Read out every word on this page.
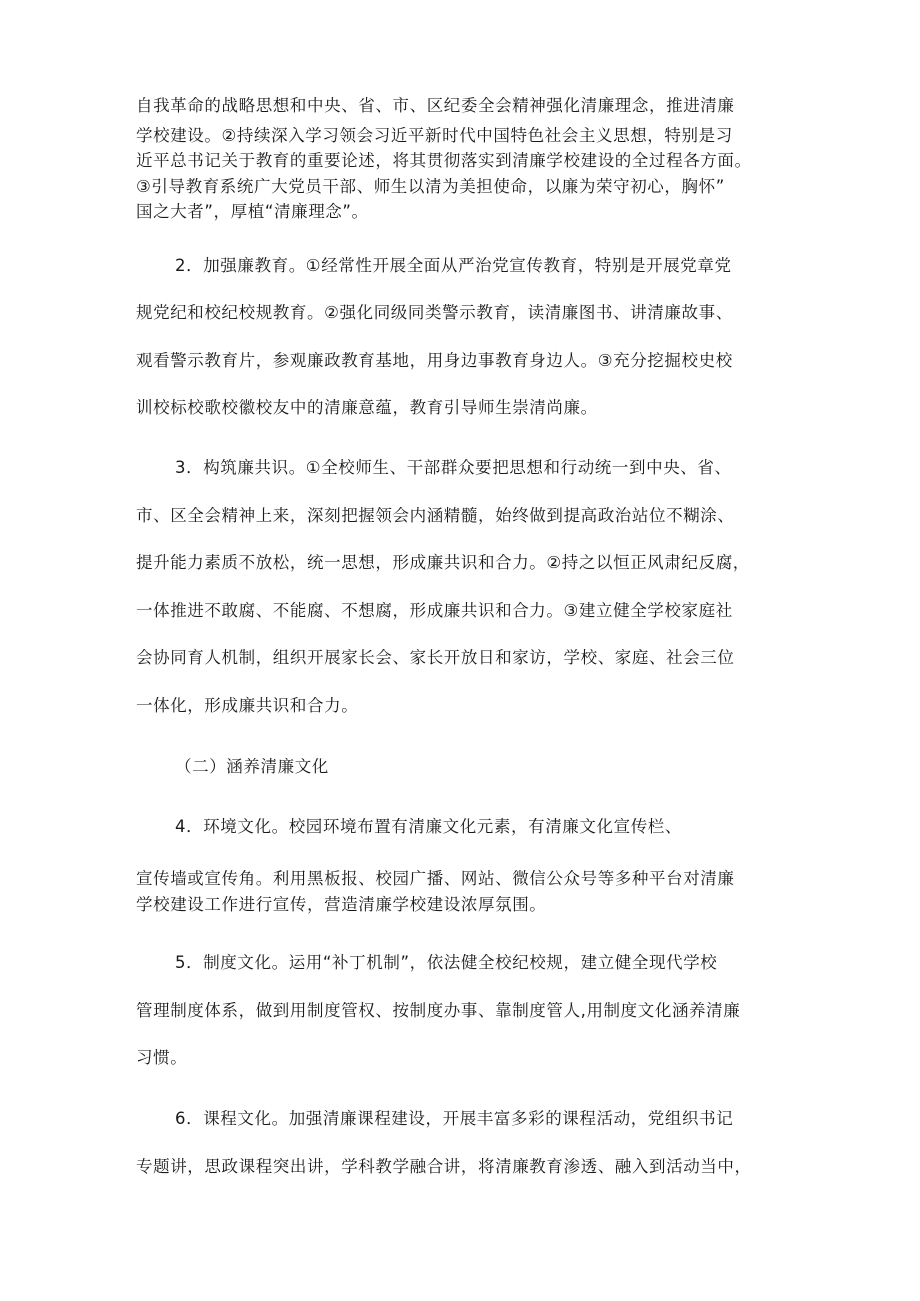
自我革命的战略思想和中央、省、市、区纪委全会精神强化清廉理念，推进清廉
学校建设。②持续深入学习领会习近平新时代中国特色社会主义思想，特别是习
近平总书记关于教育的重要论述，将其贯彻落实到清廉学校建设的全过程各方面。
③引导教育系统广大党员干部、师生以清为美担使命，以廉为荣守初心，胸怀”
国之大者”，厚植“清廉理念”。
2．加强廉教育。①经常性开展全面从严治党宣传教育，特别是开展党章党
规党纪和校纪校规教育。②强化同级同类警示教育，读清廉图书、讲清廉故事、
观看警示教育片，参观廉政教育基地，用身边事教育身边人。③充分挖掘校史校
训校标校歌校徽校友中的清廉意蕴，教育引导师生崇清尚廉。
3．构筑廉共识。①全校师生、干部群众要把思想和行动统一到中央、省、
市、区全会精神上来，深刻把握领会内涵精髓，始终做到提高政治站位不糊涂、
提升能力素质不放松，统一思想，形成廉共识和合力。②持之以恒正风肃纪反腐，
一体推进不敢腐、不能腐、不想腐，形成廉共识和合力。③建立健全学校家庭社
会协同育人机制，组织开展家长会、家长开放日和家访，学校、家庭、社会三位
一体化，形成廉共识和合力。
（二）涵养清廉文化
4．环境文化。校园环境布置有清廉文化元素，有清廉文化宣传栏、
宣传墙或宣传角。利用黑板报、校园广播、网站、微信公众号等多种平台对清廉
学校建设工作进行宣传，营造清廉学校建设浓厚氛围。
5．制度文化。运用“补丁机制”，依法健全校纪校规，建立健全现代学校
管理制度体系，做到用制度管权、按制度办事、靠制度管人,用制度文化涵养清廉
习惯。
6．课程文化。加强清廉课程建设，开展丰富多彩的课程活动，党组织书记
专题讲，思政课程突出讲，学科教学融合讲，将清廉教育渗透、融入到活动当中，
